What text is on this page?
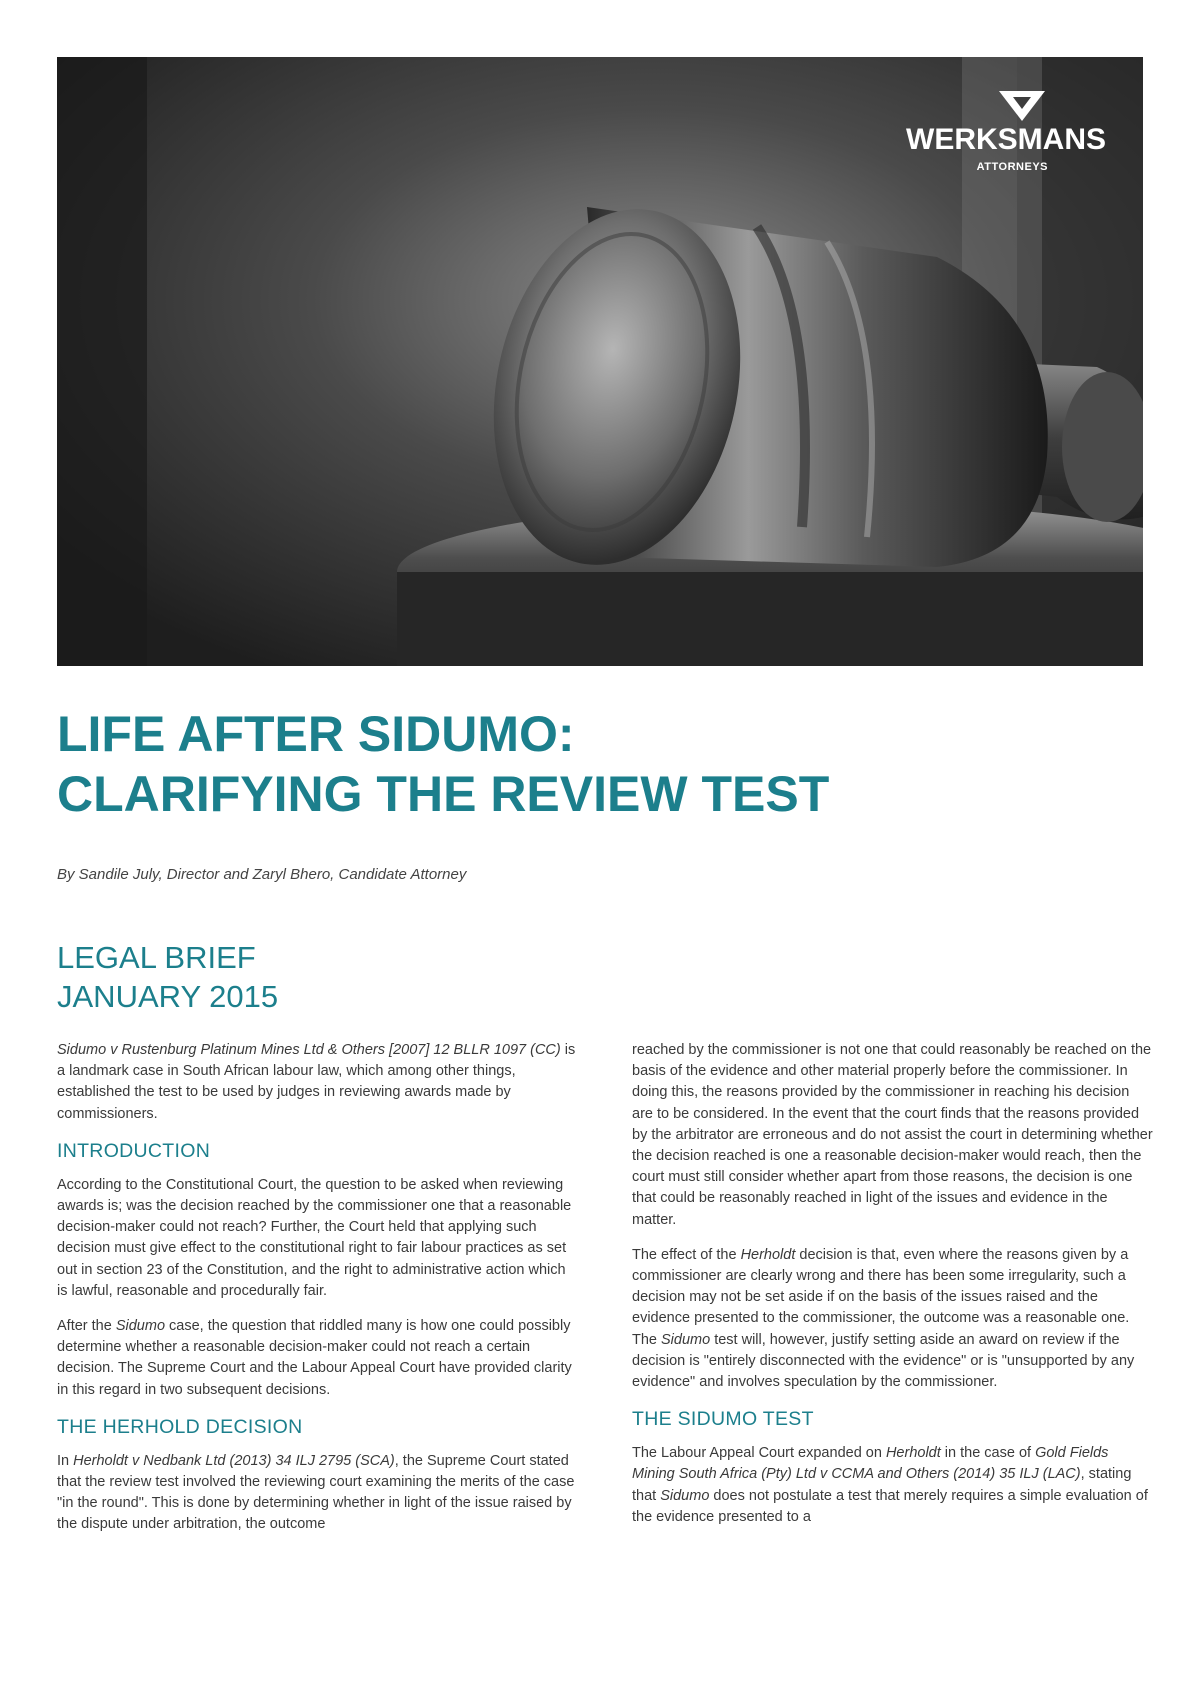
WERKSMANS
ATTORNEYS
LIFE AFTER SIDUMO:
CLARIFYING THE REVIEW TEST

By Sandile July, Director and Zaryl Bhero, Candidate Attorney

LEGAL BRIEF
JANUARY 2015

Sidumo v Rustenburg Platinum Mines Ltd & Others [2007] 12 BLLR 1097 (CC) is a landmark case in South African labour law, which among other things, established the test to be used by judges in reviewing awards made by commissioners.

INTRODUCTION

According to the Constitutional Court, the question to be asked when reviewing awards is; was the decision reached by the commissioner one that a reasonable decision-maker could not reach? Further, the Court held that applying such decision must give effect to the constitutional right to fair labour practices as set out in section 23 of the Constitution, and the right to administrative action which is lawful, reasonable and procedurally fair.

After the Sidumo case, the question that riddled many is how one could possibly determine whether a reasonable decision-maker could not reach a certain decision. The Supreme Court and the Labour Appeal Court have provided clarity in this regard in two subsequent decisions.

THE HERHOLD DECISION

In Herholdt v Nedbank Ltd (2013) 34 ILJ 2795 (SCA), the Supreme Court stated that the review test involved the reviewing court examining the merits of the case "in the round". This is done by determining whether in light of the issue raised by the dispute under arbitration, the outcome

reached by the commissioner is not one that could reasonably be reached on the basis of the evidence and other material properly before the commissioner. In doing this, the reasons provided by the commissioner in reaching his decision are to be considered. In the event that the court finds that the reasons provided by the arbitrator are erroneous and do not assist the court in determining whether the decision reached is one a reasonable decision-maker would reach, then the court must still consider whether apart from those reasons, the decision is one that could be reasonably reached in light of the issues and evidence in the matter.

The effect of the Herholdt decision is that, even where the reasons given by a commissioner are clearly wrong and there has been some irregularity, such a decision may not be set aside if on the basis of the issues raised and the evidence presented to the commissioner, the outcome was a reasonable one. The Sidumo test will, however, justify setting aside an award on review if the decision is "entirely disconnected with the evidence" or is "unsupported by any evidence" and involves speculation by the commissioner.

THE SIDUMO TEST

The Labour Appeal Court expanded on Herholdt in the case of Gold Fields Mining South Africa (Pty) Ltd v CCMA and Others (2014) 35 ILJ (LAC), stating that Sidumo does not postulate a test that merely requires a simple evaluation of the evidence presented to a
